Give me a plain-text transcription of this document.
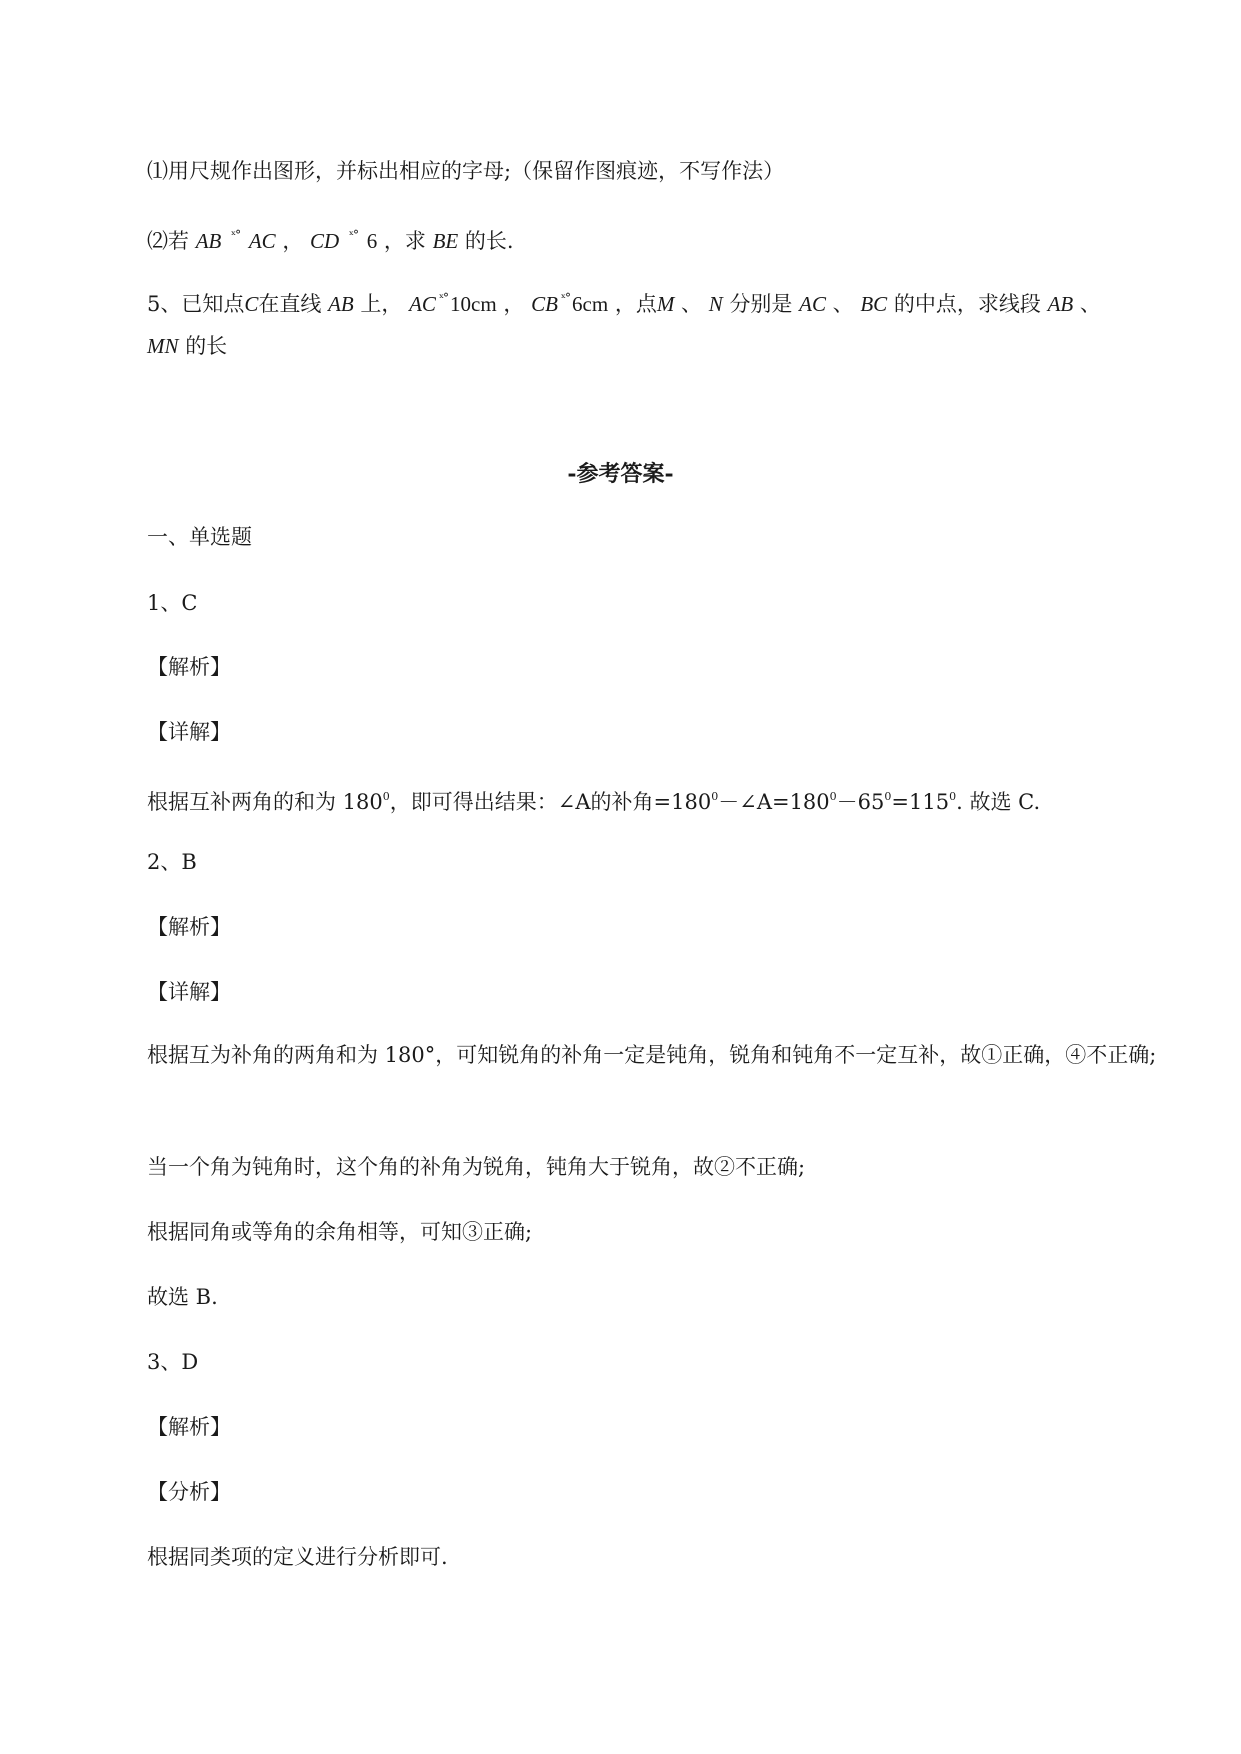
⑴用尺规作出图形，并标出相应的字母;（保留作图痕迹，不写作法）
⑵若 AB $^{ˣ^\circ}$ AC ， CD $^{ˣ^\circ}$ 6 ，求 BE 的长.
5、已知点C在直线 AB 上， AC $^{ˣ^\circ}$10cm ， CB $^{ˣ^\circ}$6cm ，点M 、 N 分别是 AC 、 BC 的中点，求线段 AB 、
MN 的长
-参考答案-
一、单选题
1、C
【解析】
【详解】
根据互补两角的和为 $180^0$，即可得出结果：∠A的补角$=180^0-\angle A=180^0-65^0=115^0$. 故选 C.
2、B
【解析】
【详解】
根据互为补角的两角和为 180°，可知锐角的补角一定是钝角，锐角和钝角不一定互补，故①正确，④不正确;
当一个角为钝角时，这个角的补角为锐角，钝角大于锐角，故②不正确;
根据同角或等角的余角相等，可知③正确;
故选 B.
3、D
【解析】
【分析】
根据同类项的定义进行分析即可.
